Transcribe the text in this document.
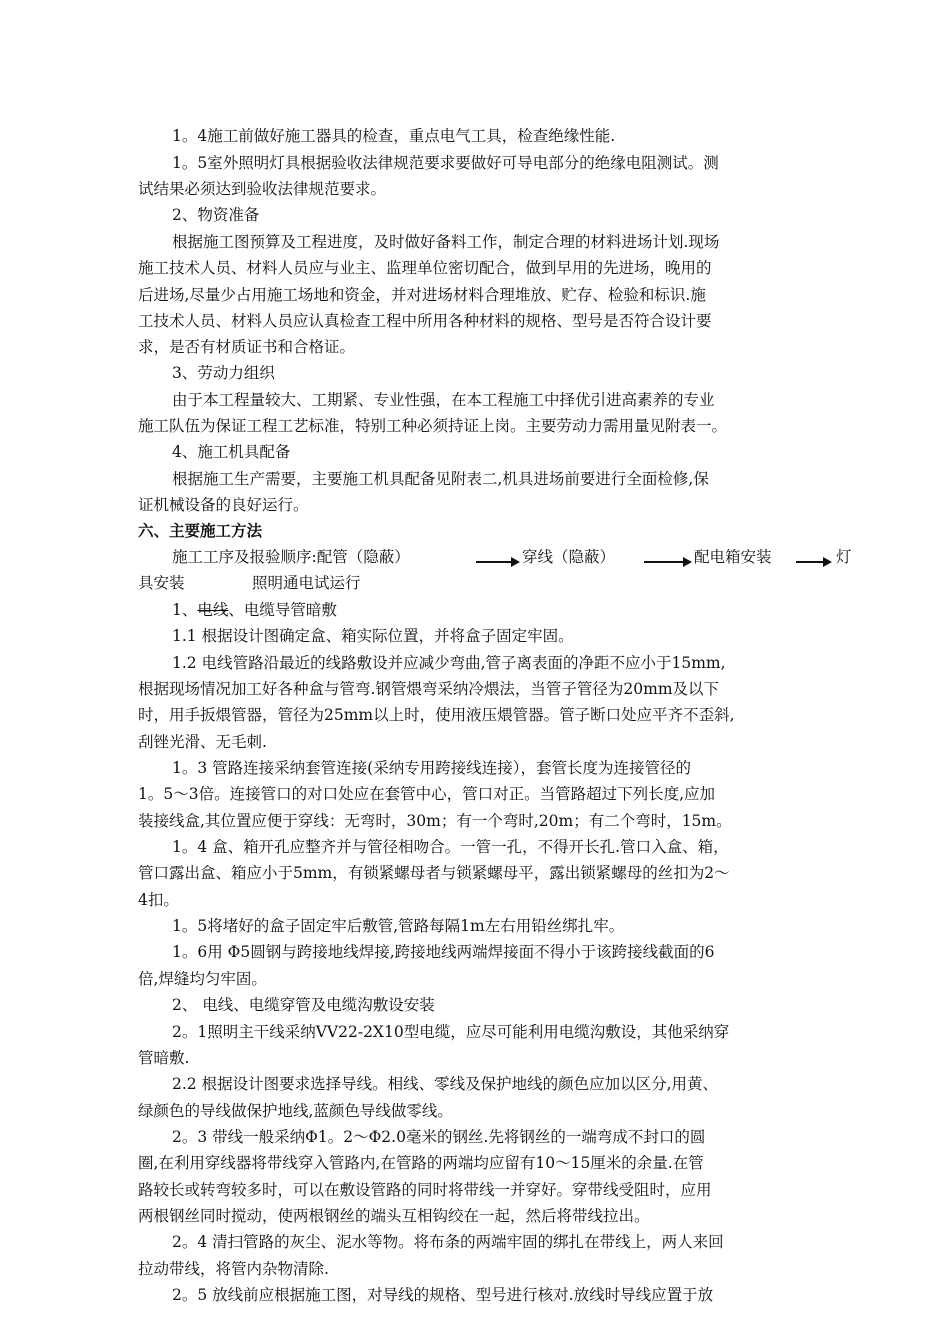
1。4施工前做好施工器具的检查，重点电气工具，检查绝缘性能.
1。5室外照明灯具根据验收法律规范要求要做好可导电部分的绝缘电阻测试。测
试结果必须达到验收法律规范要求。
2、物资准备
根据施工图预算及工程进度，及时做好备料工作，制定合理的材料进场计划.现场
施工技术人员、材料人员应与业主、监理单位密切配合，做到早用的先进场，晚用的
后进场,尽量少占用施工场地和资金，并对进场材料合理堆放、贮存、检验和标识.施
工技术人员、材料人员应认真检查工程中所用各种材料的规格、型号是否符合设计要
求，是否有材质证书和合格证。
3、劳动力组织
由于本工程量较大、工期紧、专业性强，在本工程施工中择优引进高素养的专业
施工队伍为保证工程工艺标准，特别工种必须持证上岗。主要劳动力需用量见附表一。
4、施工机具配备
根据施工生产需要，主要施工机具配备见附表二,机具进场前要进行全面检修,保
证机械设备的良好运行。
六、主要施工方法
施工工序及报验顺序:配管（隐蔽）	穿线（隐蔽）	配电箱安装	灯
具安装	照明通电试运行
1、电线、电缆导管暗敷
1.1 根据设计图确定盒、箱实际位置，并将盒子固定牢固。
1.2 电线管路沿最近的线路敷设并应减少弯曲,管子离表面的净距不应小于15mm,
根据现场情况加工好各种盒与管弯.钢管煨弯采纳冷煨法，当管子管径为20mm及以下
时，用手扳煨管器，管径为25mm以上时，使用液压煨管器。管子断口处应平齐不歪斜,
刮锉光滑、无毛刺.
1。3 管路连接采纳套管连接(采纳专用跨接线连接），套管长度为连接管径的
1。5～3倍。连接管口的对口处应在套管中心，管口对正。当管路超过下列长度,应加
装接线盒,其位置应便于穿线：无弯时，30m；有一个弯时,20m；有二个弯时，15m。
1。4 盒、箱开孔应整齐并与管径相吻合。一管一孔，不得开长孔.管口入盒、箱，
管口露出盒、箱应小于5mm，有锁紧螺母者与锁紧螺母平，露出锁紧螺母的丝扣为2～
4扣。
1。5将堵好的盒子固定牢后敷管,管路每隔1m左右用铅丝绑扎牢。
1。6用 Φ5圆钢与跨接地线焊接,跨接地线两端焊接面不得小于该跨接线截面的6
倍,焊缝均匀牢固。
2、 电线、电缆穿管及电缆沟敷设安装
2。1照明主干线采纳VV22-2X10型电缆，应尽可能利用电缆沟敷设，其他采纳穿
管暗敷.
2.2 根据设计图要求选择导线。相线、零线及保护地线的颜色应加以区分,用黄、
绿颜色的导线做保护地线,蓝颜色导线做零线。
2。3 带线一般采纳Φ1。2～Φ2.0毫米的钢丝.先将钢丝的一端弯成不封口的圆
圈,在利用穿线器将带线穿入管路内,在管路的两端均应留有10～15厘米的余量.在管
路较长或转弯较多时，可以在敷设管路的同时将带线一并穿好。穿带线受阻时，应用
两根钢丝同时搅动，使两根钢丝的端头互相钩绞在一起，然后将带线拉出。
2。4 清扫管路的灰尘、泥水等物。将布条的两端牢固的绑扎在带线上，两人来回
拉动带线，将管内杂物清除.
2。5 放线前应根据施工图，对导线的规格、型号进行核对.放线时导线应置于放
